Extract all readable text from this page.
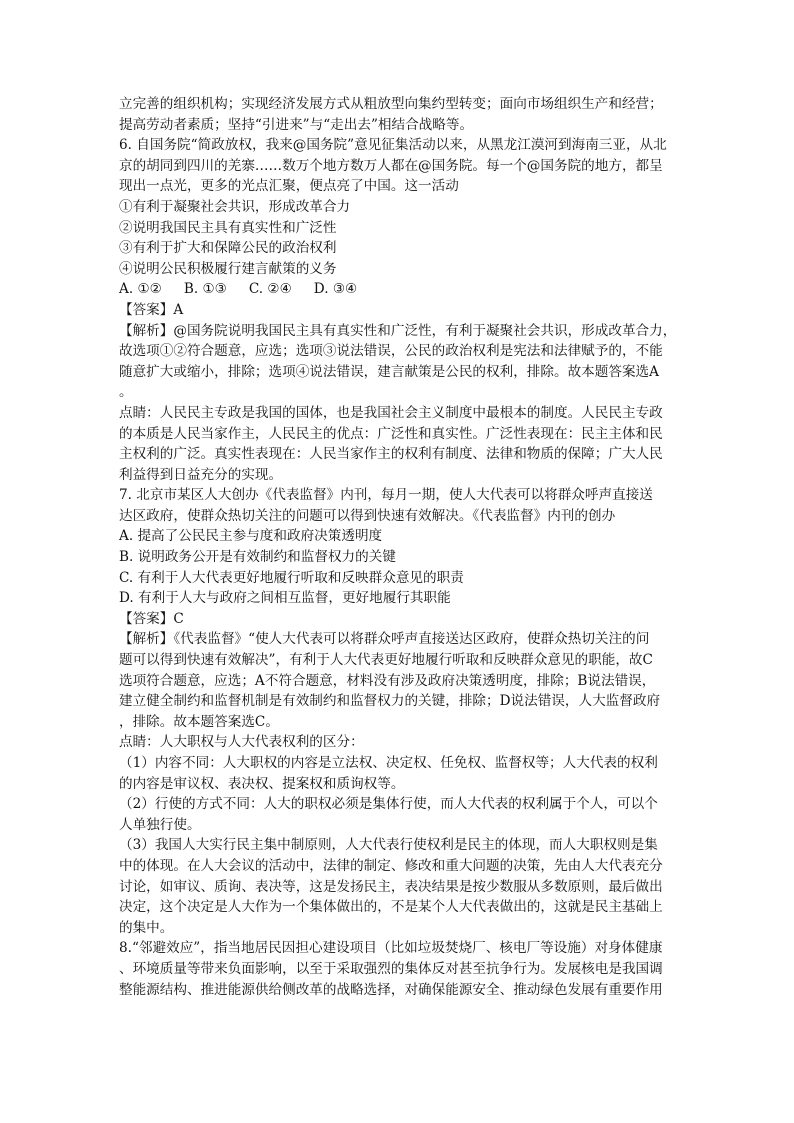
立完善的组织机构；实现经济发展方式从粗放型向集约型转变；面向市场组织生产和经营；
提高劳动者素质；坚持“引进来”与“走出去”相结合战略等。
6. 自国务院“简政放权，我来@国务院”意见征集活动以来，从黑龙江漠河到海南三亚，从北
京的胡同到四川的羌寨……数万个地方数万人都在@国务院。每一个@国务院的地方，都呈
现出一点光，更多的光点汇聚，便点亮了中国。这一活动
①有利于凝聚社会共识，形成改革合力
②说明我国民主具有真实性和广泛性
③有利于扩大和保障公民的政治权利
④说明公民积极履行建言献策的义务
A. ①② B. ①③ C. ②④ D. ③④
【答案】A
【解析】@国务院说明我国民主具有真实性和广泛性，有利于凝聚社会共识，形成改革合力，
故选项①②符合题意，应选；选项③说法错误，公民的政治权利是宪法和法律赋予的，不能
随意扩大或缩小，排除；选项④说法错误，建言献策是公民的权利，排除。故本题答案选A
。
点睛：人民民主专政是我国的国体，也是我国社会主义制度中最根本的制度。人民民主专政
的本质是人民当家作主，人民民主的优点：广泛性和真实性。广泛性表现在：民主主体和民
主权利的广泛。真实性表现在：人民当家作主的权利有制度、法律和物质的保障；广大人民
利益得到日益充分的实现。
7. 北京市某区人大创办《代表监督》内刊，每月一期，使人大代表可以将群众呼声直接送
达区政府，使群众热切关注的问题可以得到快速有效解决。《代表监督》内刊的创办
A. 提高了公民民主参与度和政府决策透明度
B. 说明政务公开是有效制约和监督权力的关键
C. 有利于人大代表更好地履行听取和反映群众意见的职责
D. 有利于人大与政府之间相互监督，更好地履行其职能
【答案】C
【解析】《代表监督》“使人大代表可以将群众呼声直接送达区政府，使群众热切关注的问
题可以得到快速有效解决”，有利于人大代表更好地履行听取和反映群众意见的职能，故C
选项符合题意，应选；A不符合题意，材料没有涉及政府决策透明度，排除；B说法错误，
建立健全制约和监督机制是有效制约和监督权力的关键，排除；D说法错误，人大监督政府
，排除。故本题答案选C。
点睛：人大职权与人大代表权利的区分：
（1）内容不同：人大职权的内容是立法权、决定权、任免权、监督权等；人大代表的权利
的内容是审议权、表决权、提案权和质询权等。
（2）行使的方式不同：人大的职权必须是集体行使，而人大代表的权利属于个人，可以个
人单独行使。
（3）我国人大实行民主集中制原则，人大代表行使权利是民主的体现，而人大职权则是集
中的体现。在人大会议的活动中，法律的制定、修改和重大问题的决策，先由人大代表充分
讨论，如审议、质询、表决等，这是发扬民主，表决结果是按少数服从多数原则，最后做出
决定，这个决定是人大作为一个集体做出的，不是某个人大代表做出的，这就是民主基础上
的集中。
8.“邻避效应”，指当地居民因担心建设项目（比如垃圾焚烧厂、核电厂等设施）对身体健康
、环境质量等带来负面影响，以至于采取强烈的集体反对甚至抗争行为。发展核电是我国调
整能源结构、推进能源供给侧改革的战略选择，对确保能源安全、推动绿色发展有重要作用
